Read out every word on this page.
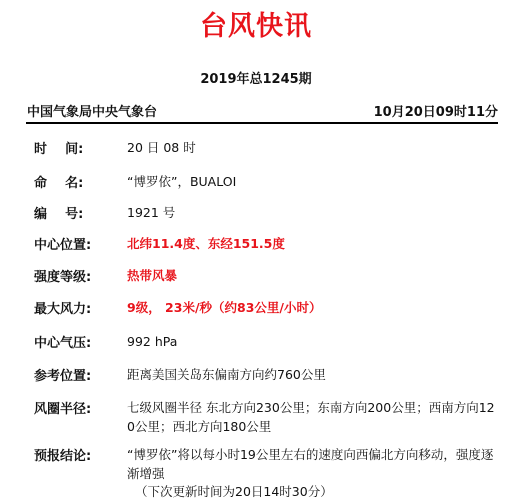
台风快讯
2019年总1245期
中国气象局中央气象台	10月20日09时11分
时    间:	20 日 08 时
命    名:	“博罗依”，BUALOI
编    号:	1921 号
中心位置:	北纬11.4度、东经151.5度
强度等级:	热带风暴
最大风力:	9级， 23米/秒（约83公里/小时）
中心气压:	992 hPa
参考位置:	距离美国关岛东偏南方向约760公里
风圈半径:	七级风圈半径 东北方向230公里；东南方向200公里；西南方向120公里；西北方向180公里
预报结论:	“博罗依”将以每小时19公里左右的速度向西偏北方向移动，强度逐渐增强
（下次更新时间为20日14时30分）
